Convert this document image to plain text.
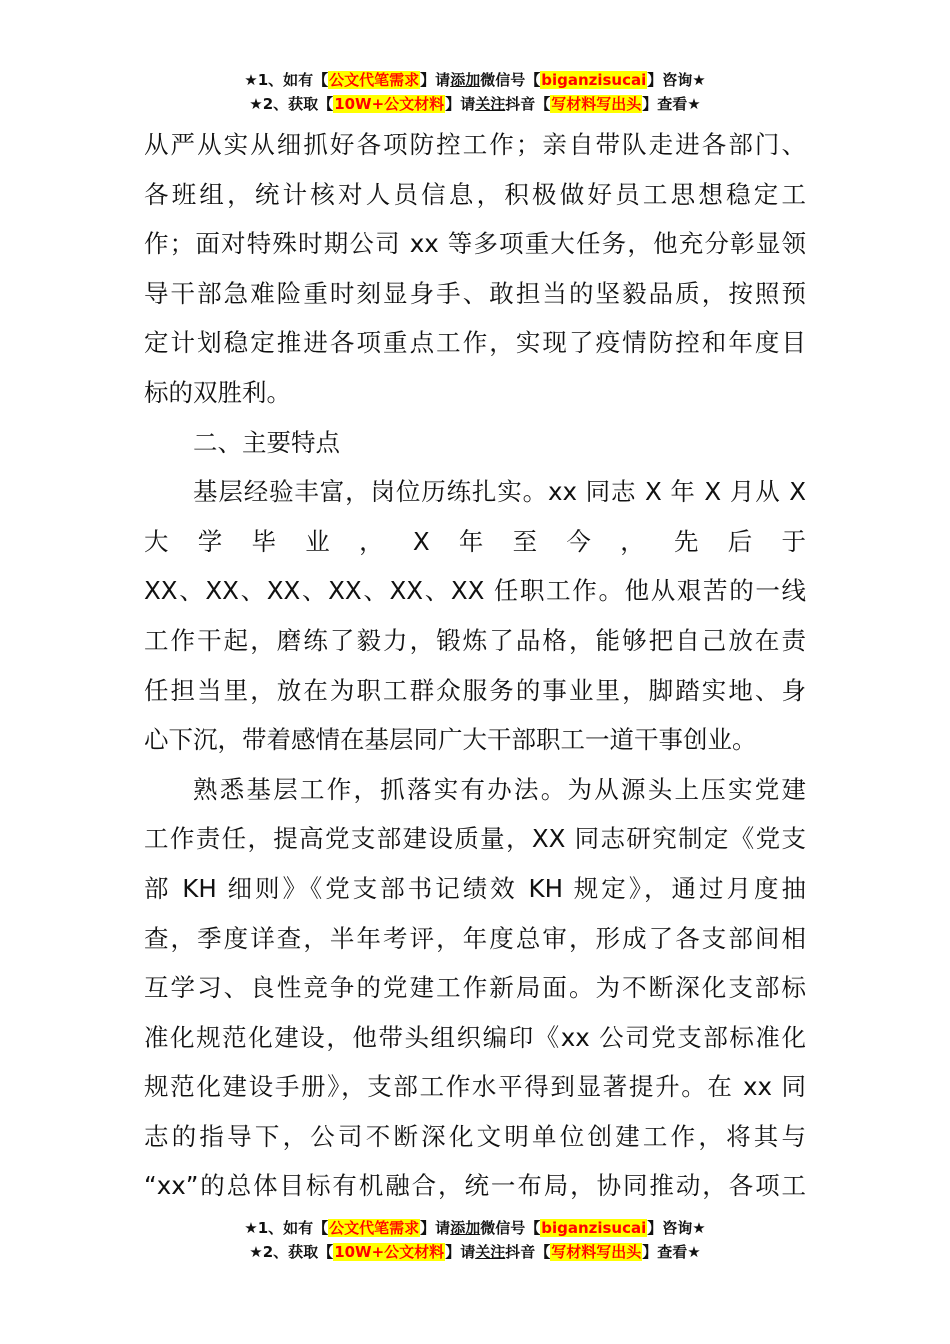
★1、如有【公文代笔需求】请添加微信号【biganzisucai】咨询★
★2、获取【10W+公文材料】请关注抖音【写材料写出头】查看★
从严从实从细抓好各项防控工作；亲自带队走进各部门、
各班组，统计核对人员信息，积极做好员工思想稳定工
作；面对特殊时期公司 xx 等多项重大任务，他充分彰显领
导干部急难险重时刻显身手、敢担当的坚毅品质，按照预
定计划稳定推进各项重点工作，实现了疫情防控和年度目
标的双胜利。
二、主要特点
基层经验丰富，岗位历练扎实。xx 同志 X 年 X 月从 X
大 学 毕 业 ， X 年 至 今 ， 先 后 于
XX、XX、XX、XX、XX、XX 任职工作。他从艰苦的一线
工作干起，磨练了毅力，锻炼了品格，能够把自己放在责
任担当里，放在为职工群众服务的事业里，脚踏实地、身
心下沉，带着感情在基层同广大干部职工一道干事创业。
熟悉基层工作，抓落实有办法。为从源头上压实党建
工作责任，提高党支部建设质量，XX 同志研究制定《党支
部 KH 细则》《党支部书记绩效 KH 规定》，通过月度抽
查，季度详查，半年考评，年度总审，形成了各支部间相
互学习、良性竞争的党建工作新局面。为不断深化支部标
准化规范化建设，他带头组织编印《xx 公司党支部标准化
规范化建设手册》，支部工作水平得到显著提升。在 xx 同
志的指导下，公司不断深化文明单位创建工作，将其与
“xx”的总体目标有机融合，统一布局，协同推动，各项工
★1、如有【公文代笔需求】请添加微信号【biganzisucai】咨询★
★2、获取【10W+公文材料】请关注抖音【写材料写出头】查看★
